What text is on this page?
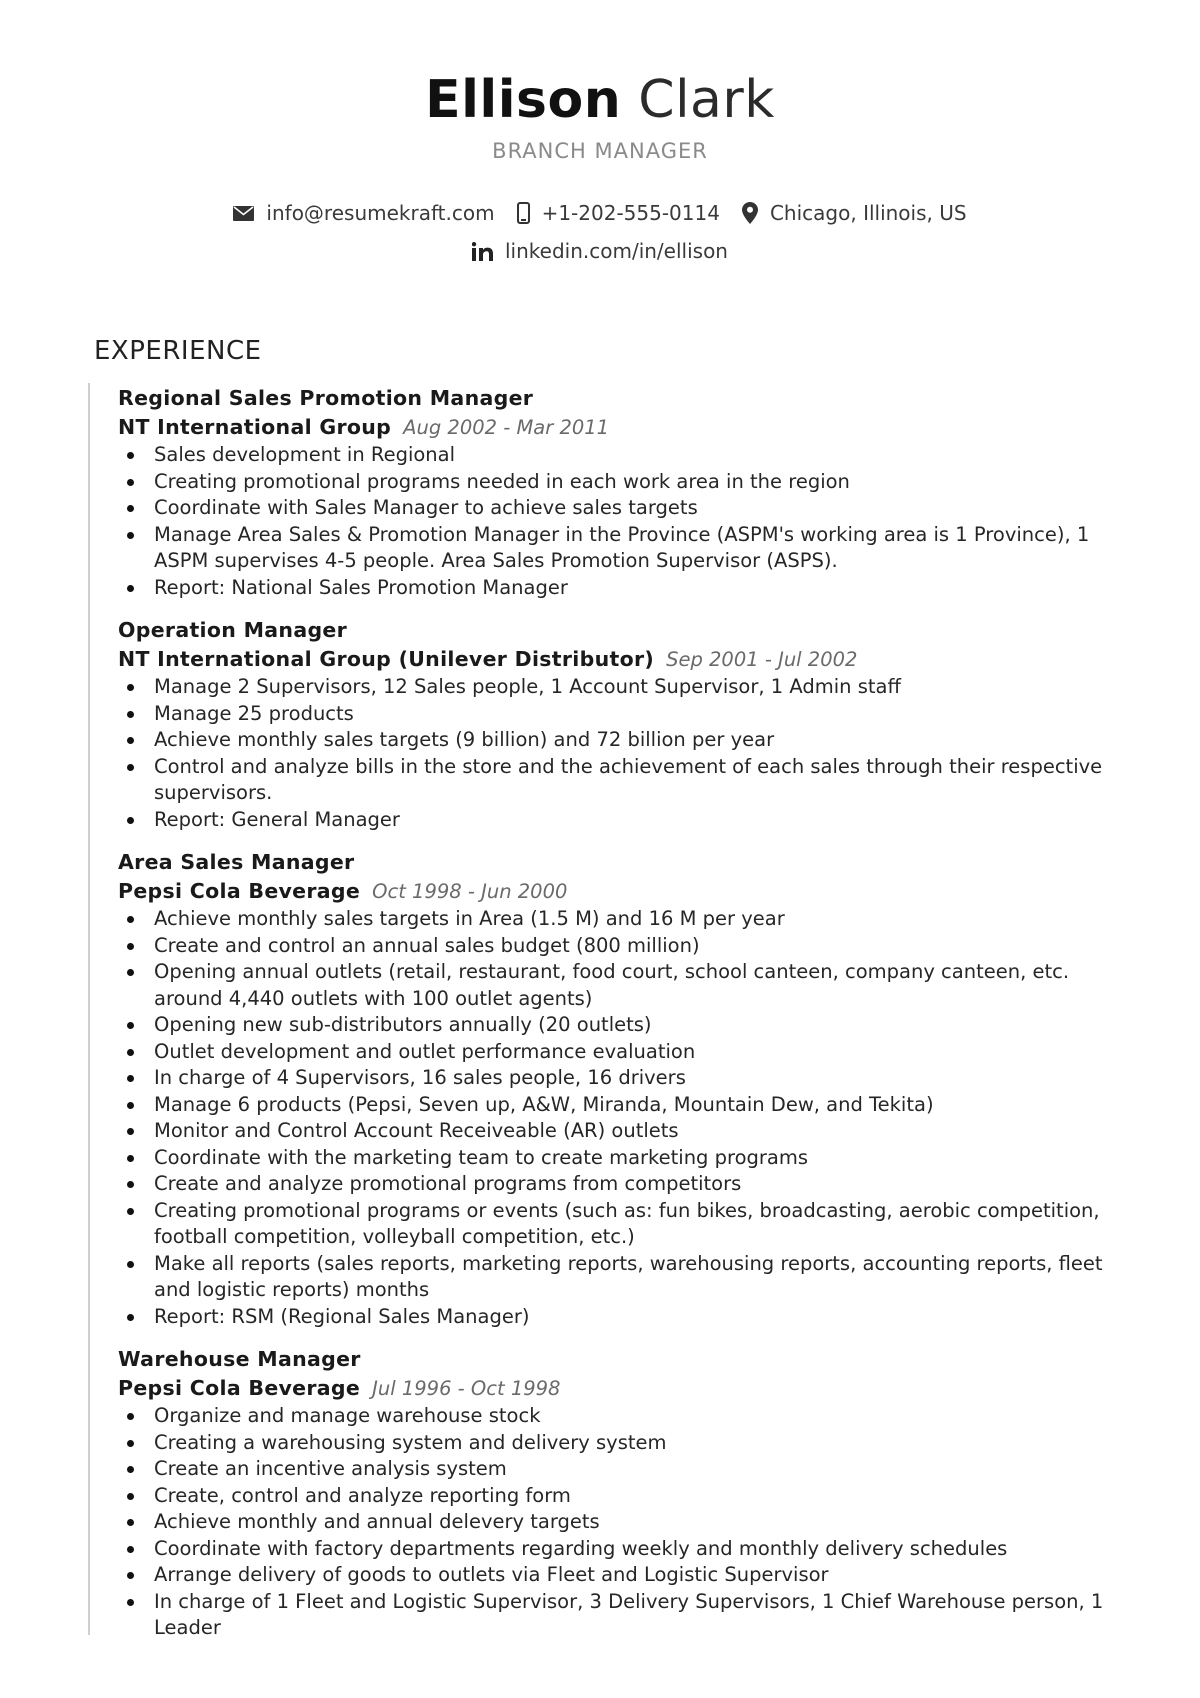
Ellison Clark
BRANCH MANAGER
info@resumekraft.com +1-202-555-0114	Chicago, Illinois, US
linkedin.com/in/ellison
EXPERIENCE
Regional Sales Promotion Manager
NT International Group Aug 2002 - Mar 2011
Sales development in Regional
Creating promotional programs needed in each work area in the region
Coordinate with Sales Manager to achieve sales targets
Manage Area Sales & Promotion Manager in the Province (ASPM's working area is 1 Province), 1 ASPM supervises 4-5 people. Area Sales Promotion Supervisor (ASPS).
Report: National Sales Promotion Manager
Operation Manager
NT International Group (Unilever Distributor) Sep 2001 - Jul 2002
Manage 2 Supervisors, 12 Sales people, 1 Account Supervisor, 1 Admin staff
Manage 25 products
Achieve monthly sales targets (9 billion) and 72 billion per year
Control and analyze bills in the store and the achievement of each sales through their respective supervisors.
Report: General Manager
Area Sales Manager
Pepsi Cola Beverage Oct 1998 - Jun 2000
Achieve monthly sales targets in Area (1.5 M) and 16 M per year
Create and control an annual sales budget (800 million)
Opening annual outlets (retail, restaurant, food court, school canteen, company canteen, etc. around 4,440 outlets with 100 outlet agents)
Opening new sub-distributors annually (20 outlets)
Outlet development and outlet performance evaluation
In charge of 4 Supervisors, 16 sales people, 16 drivers
Manage 6 products (Pepsi, Seven up, A&W, Miranda, Mountain Dew, and Tekita)
Monitor and Control Account Receiveable (AR) outlets
Coordinate with the marketing team to create marketing programs
Create and analyze promotional programs from competitors
Creating promotional programs or events (such as: fun bikes, broadcasting, aerobic competition, football competition, volleyball competition, etc.)
Make all reports (sales reports, marketing reports, warehousing reports, accounting reports, fleet and logistic reports) months
Report: RSM (Regional Sales Manager)
Warehouse Manager
Pepsi Cola Beverage Jul 1996 - Oct 1998
Organize and manage warehouse stock
Creating a warehousing system and delivery system
Create an incentive analysis system
Create, control and analyze reporting form
Achieve monthly and annual delevery targets
Coordinate with factory departments regarding weekly and monthly delivery schedules
Arrange delivery of goods to outlets via Fleet and Logistic Supervisor
In charge of 1 Fleet and Logistic Supervisor, 3 Delivery Supervisors, 1 Chief Warehouse person, 1 Leader
